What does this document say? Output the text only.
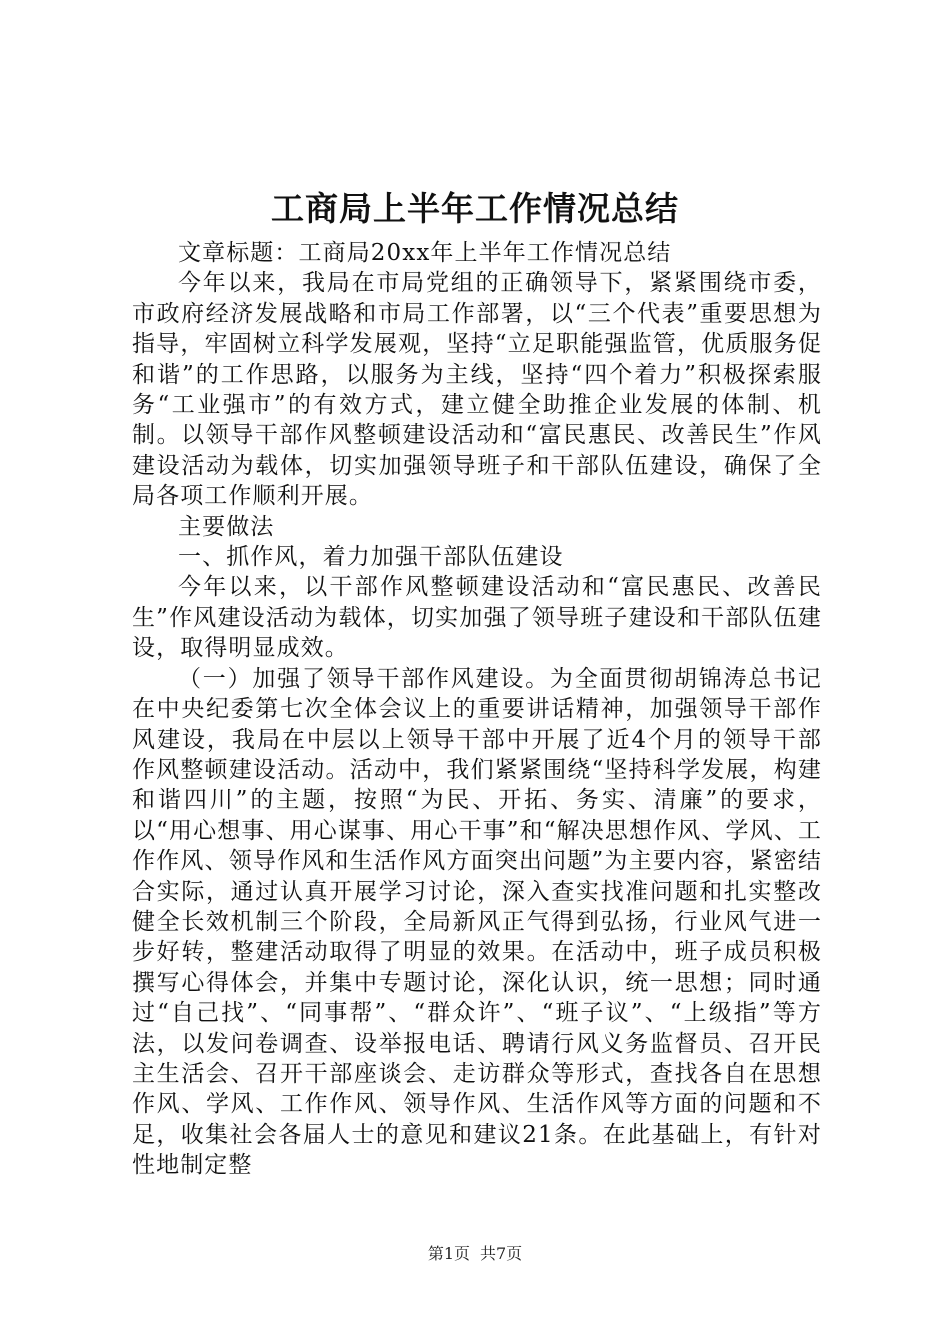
工商局上半年工作情况总结

文章标题：工商局20xx年上半年工作情况总结

今年以来，我局在市局党组的正确领导下，紧紧围绕市委，市政府经济发展战略和市局工作部署，以“三个代表”重要思想为指导，牢固树立科学发展观，坚持“立足职能强监管，优质服务促和谐”的工作思路，以服务为主线，坚持“四个着力”积极探索服务“工业强市”的有效方式，建立健全助推企业发展的体制、机制。以领导干部作风整顿建设活动和“富民惠民、改善民生”作风建设活动为载体，切实加强领导班子和干部队伍建设，确保了全局各项工作顺利开展。

主要做法

一、抓作风，着力加强干部队伍建设

今年以来，以干部作风整顿建设活动和“富民惠民、改善民生”作风建设活动为载体，切实加强了领导班子建设和干部队伍建设，取得明显成效。

（一）加强了领导干部作风建设。为全面贯彻胡锦涛总书记在中央纪委第七次全体会议上的重要讲话精神，加强领导干部作风建设，我局在中层以上领导干部中开展了近4个月的领导干部作风整顿建设活动。活动中，我们紧紧围绕“坚持科学发展，构建和谐四川”的主题，按照“为民、开拓、务实、清廉”的要求，以“用心想事、用心谋事、用心干事”和“解决思想作风、学风、工作作风、领导作风和生活作风方面突出问题”为主要内容，紧密结合实际，通过认真开展学习讨论，深入查实找准问题和扎实整改健全长效机制三个阶段，全局新风正气得到弘扬，行业风气进一步好转，整建活动取得了明显的效果。在活动中，班子成员积极撰写心得体会，并集中专题讨论，深化认识，统一思想；同时通过“自己找”、“同事帮”、“群众许”、“班子议”、“上级指”等方法，以发问卷调查、设举报电话、聘请行风义务监督员、召开民主生活会、召开干部座谈会、走访群众等形式，查找各自在思想作风、学风、工作作风、领导作风、生活作风等方面的问题和不足，收集社会各届人士的意见和建议21条。在此基础上，有针对性地制定整

第1页 共7页
